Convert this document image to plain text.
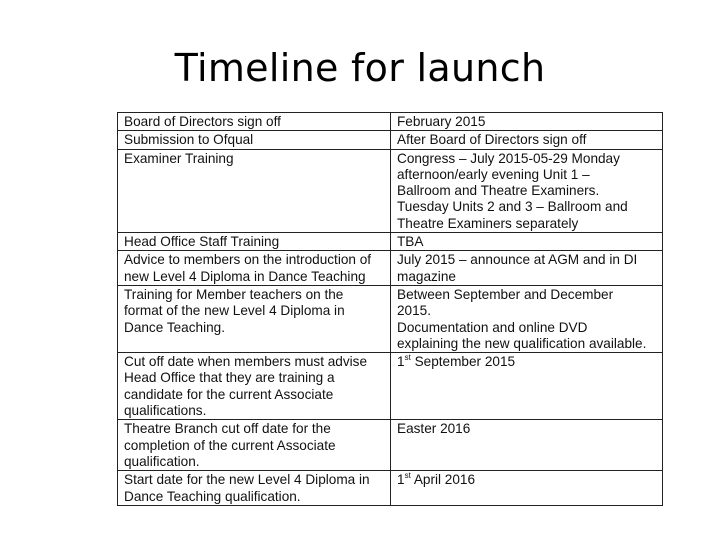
Timeline for launch
Board of Directors sign off	February 2015

Submission to Ofqual	After Board of Directors sign off

Examiner Training	Congress – July 2015-05-29 Monday
afternoon/early evening Unit 1 –
Ballroom and Theatre Examiners.
Tuesday Units 2 and 3 – Ballroom and
Theatre Examiners separately

Head Office Staff Training	TBA

Advice to members on the introduction of
new Level 4 Diploma in Dance Teaching	July 2015 – announce at AGM and in DI
magazine

Training for Member teachers on the
format of the new Level 4 Diploma in
Dance Teaching.	Between September and December
2015.
Documentation and online DVD
explaining the new qualification available.

Cut off date when members must advise
Head Office that they are training a
candidate for the current Associate
qualifications.	1st September 2015

Theatre Branch cut off date for the
completion of the current Associate
qualification.	Easter 2016

Start date for the new Level 4 Diploma in
Dance Teaching qualification.	1st April 2016
